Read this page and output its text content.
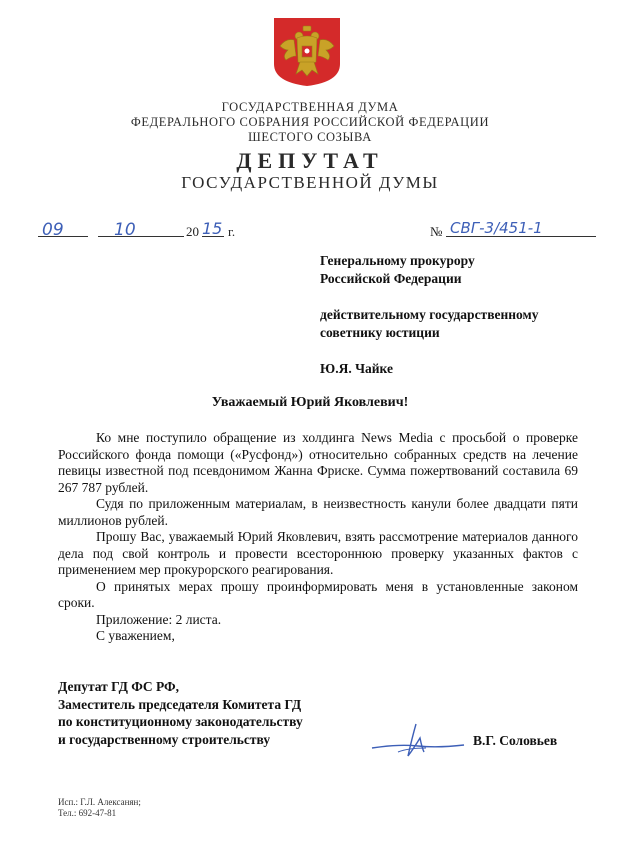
ГОСУДАРСТВЕННАЯ ДУМА
ФЕДЕРАЛЬНОГО СОБРАНИЯ РОССИЙСКОЙ ФЕДЕРАЦИИ
ШЕСТОГО СОЗЫВА
ДЕПУТАТ
ГОСУДАРСТВЕННОЙ ДУМЫ
09	10	20 15 г.	№ СВГ-3/451-1
Генеральному прокурору
Российской Федерации
действительному государственному
советнику юстиции
Ю.Я. Чайке
Уважаемый Юрий Яковлевич!

Ко мне поступило обращение из холдинга News Media с просьбой о проверке Российского фонда помощи («Русфонд») относительно собранных средств на лечение певицы известной под псевдонимом Жанна Фриске. Сумма пожертвований составила 69 267 787 рублей.

Судя по приложенным материалам, в неизвестность канули более двадцати пяти миллионов рублей.

Прошу Вас, уважаемый Юрий Яковлевич, взять рассмотрение материалов данного дела под свой контроль и провести всестороннюю проверку указанных фактов с применением мер прокурорского реагирования.

О принятых мерах прошу проинформировать меня в установленные законом сроки.

Приложение: 2 листа.

С уважением,

Депутат ГД ФС РФ,
Заместитель председателя Комитета ГД
по конституционному законодательству
и государственному строительству	В.Г. Соловьев
Исп.: Г.Л. Алексанян;
Тел.: 692-47-81
